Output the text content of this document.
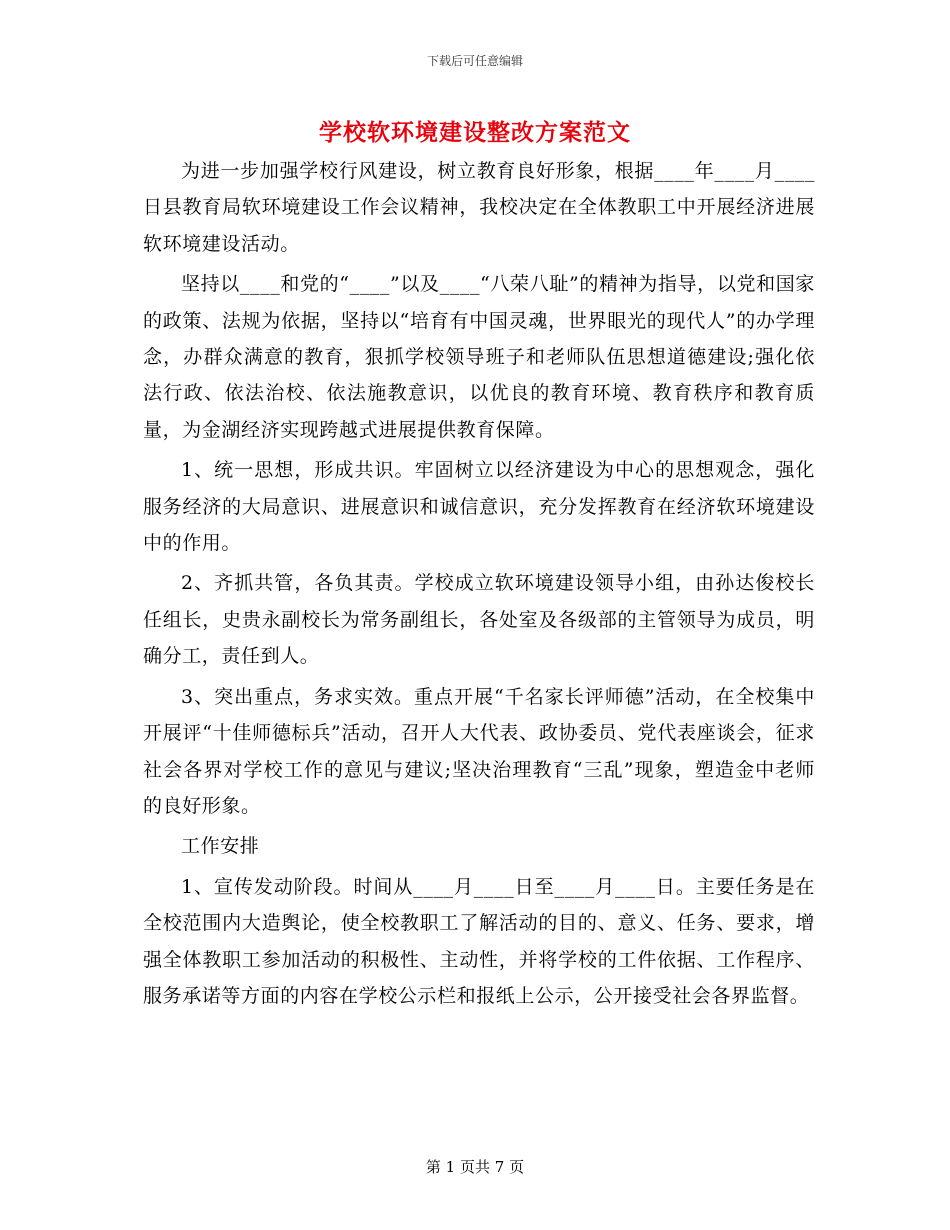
下载后可任意编辑
学校软环境建设整改方案范文

为进一步加强学校行风建设，树立教育良好形象，根据____年____月____日县教育局软环境建设工作会议精神，我校决定在全体教职工中开展经济进展软环境建设活动。

坚持以____和党的“____”以及____“八荣八耻”的精神为指导，以党和国家的政策、法规为依据，坚持以“培育有中国灵魂，世界眼光的现代人”的办学理念，办群众满意的教育，狠抓学校领导班子和老师队伍思想道德建设;强化依法行政、依法治校、依法施教意识，以优良的教育环境、教育秩序和教育质量，为金湖经济实现跨越式进展提供教育保障。

1、统一思想，形成共识。牢固树立以经济建设为中心的思想观念，强化服务经济的大局意识、进展意识和诚信意识，充分发挥教育在经济软环境建设中的作用。

2、齐抓共管，各负其责。学校成立软环境建设领导小组，由孙达俊校长任组长，史贵永副校长为常务副组长，各处室及各级部的主管领导为成员，明确分工，责任到人。

3、突出重点，务求实效。重点开展“千名家长评师德”活动，在全校集中开展评“十佳师德标兵”活动，召开人大代表、政协委员、党代表座谈会，征求社会各界对学校工作的意见与建议;坚决治理教育“三乱”现象，塑造金中老师的良好形象。

工作安排

1、宣传发动阶段。时间从____月____日至____月____日。主要任务是在全校范围内大造舆论，使全校教职工了解活动的目的、意义、任务、要求，增强全体教职工参加活动的积极性、主动性，并将学校的工件依据、工作程序、服务承诺等方面的内容在学校公示栏和报纸上公示，公开接受社会各界监督。

第 1 页共 7 页
